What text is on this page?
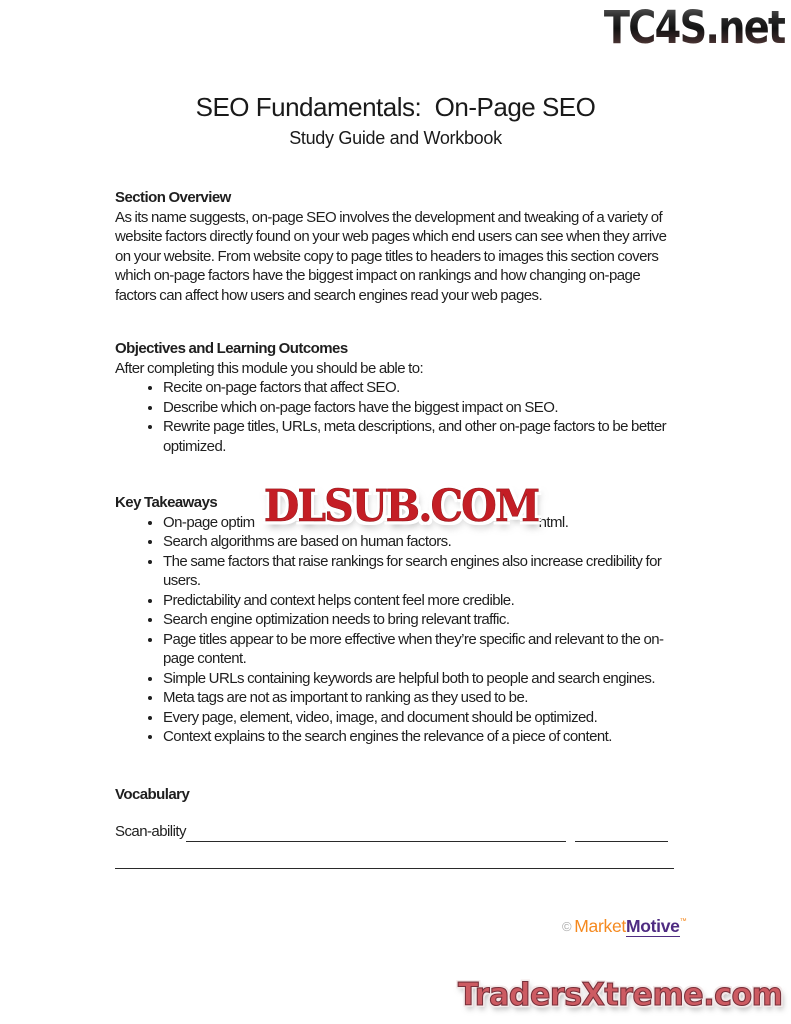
TC4S.net
SEO Fundamentals:  On-Page SEO
Study Guide and Workbook
Section Overview

As its name suggests, on-page SEO involves the development and tweaking of a variety of website factors directly found on your web pages which end users can see when they arrive on your website. From website copy to page titles to headers to images this section covers which on-page factors have the biggest impact on rankings and how changing on-page factors can affect how users and search engines read your web pages.

Objectives and Learning Outcomes

After completing this module you should be able to:

• Recite on-page factors that affect SEO.
• Describe which on-page factors have the biggest impact on SEO.
• Rewrite page titles, URLs, meta descriptions, and other on-page factors to be better optimized.
Key Takeaways
• On-page optim	html.
• Search algorithms are based on human factors.
• The same factors that raise rankings for search engines also increase credibility for users.
• Predictability and context helps content feel more credible.
• Search engine optimization needs to bring relevant traffic.
• Page titles appear to be more effective when they’re specific and relevant to the on-page content.
• Simple URLs containing keywords are helpful both to people and search engines.
• Meta tags are not as important to ranking as they used to be.
• Every page, element, video, image, and document should be optimized.
• Context explains to the search engines the relevance of a piece of content.
Vocabulary
Scan-ability
DLSUB.COM
© MarketMotive™
TradersXtreme.com
